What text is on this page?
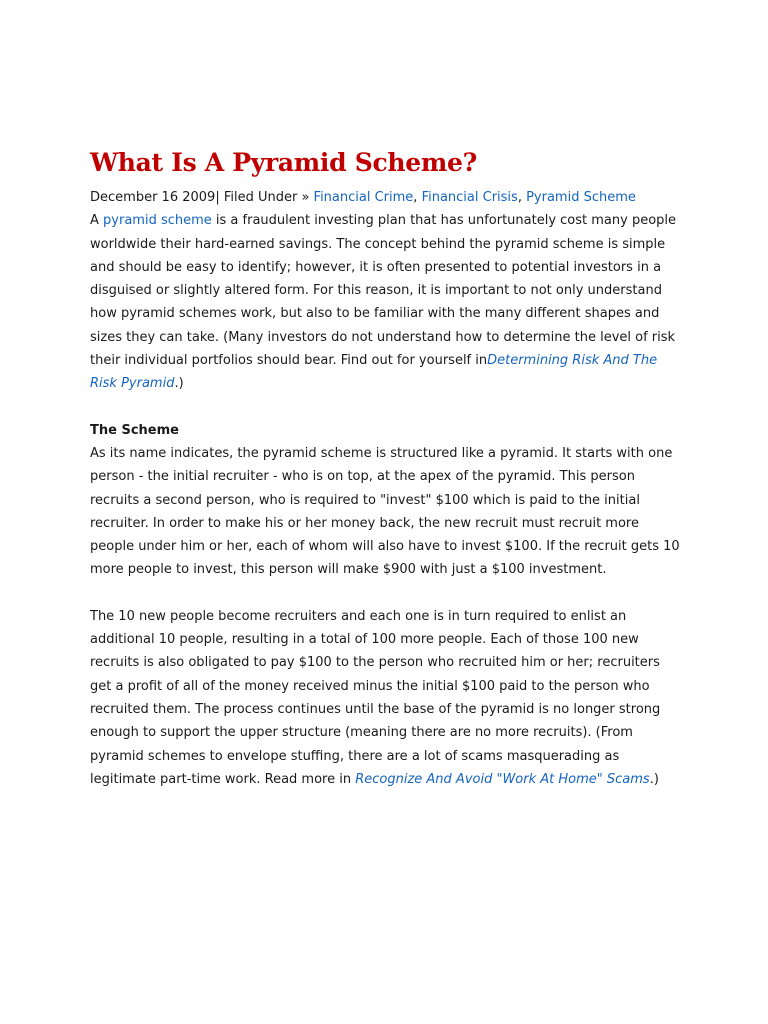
What Is A Pyramid Scheme?
December 16 2009| Filed Under » Financial Crime, Financial Crisis, Pyramid Scheme

A pyramid scheme is a fraudulent investing plan that has unfortunately cost many people worldwide their hard-earned savings. The concept behind the pyramid scheme is simple and should be easy to identify; however, it is often presented to potential investors in a disguised or slightly altered form. For this reason, it is important to not only understand how pyramid schemes work, but also to be familiar with the many different shapes and sizes they can take. (Many investors do not understand how to determine the level of risk their individual portfolios should bear. Find out for yourself inDetermining Risk And The Risk Pyramid.)

The Scheme

As its name indicates, the pyramid scheme is structured like a pyramid. It starts with one person - the initial recruiter - who is on top, at the apex of the pyramid. This person recruits a second person, who is required to "invest" $100 which is paid to the initial recruiter. In order to make his or her money back, the new recruit must recruit more people under him or her, each of whom will also have to invest $100. If the recruit gets 10 more people to invest, this person will make $900 with just a $100 investment.

The 10 new people become recruiters and each one is in turn required to enlist an additional 10 people, resulting in a total of 100 more people. Each of those 100 new recruits is also obligated to pay $100 to the person who recruited him or her; recruiters get a profit of all of the money received minus the initial $100 paid to the person who recruited them. The process continues until the base of the pyramid is no longer strong enough to support the upper structure (meaning there are no more recruits). (From pyramid schemes to envelope stuffing, there are a lot of scams masquerading as legitimate part-time work. Read more in Recognize And Avoid "Work At Home" Scams.)
